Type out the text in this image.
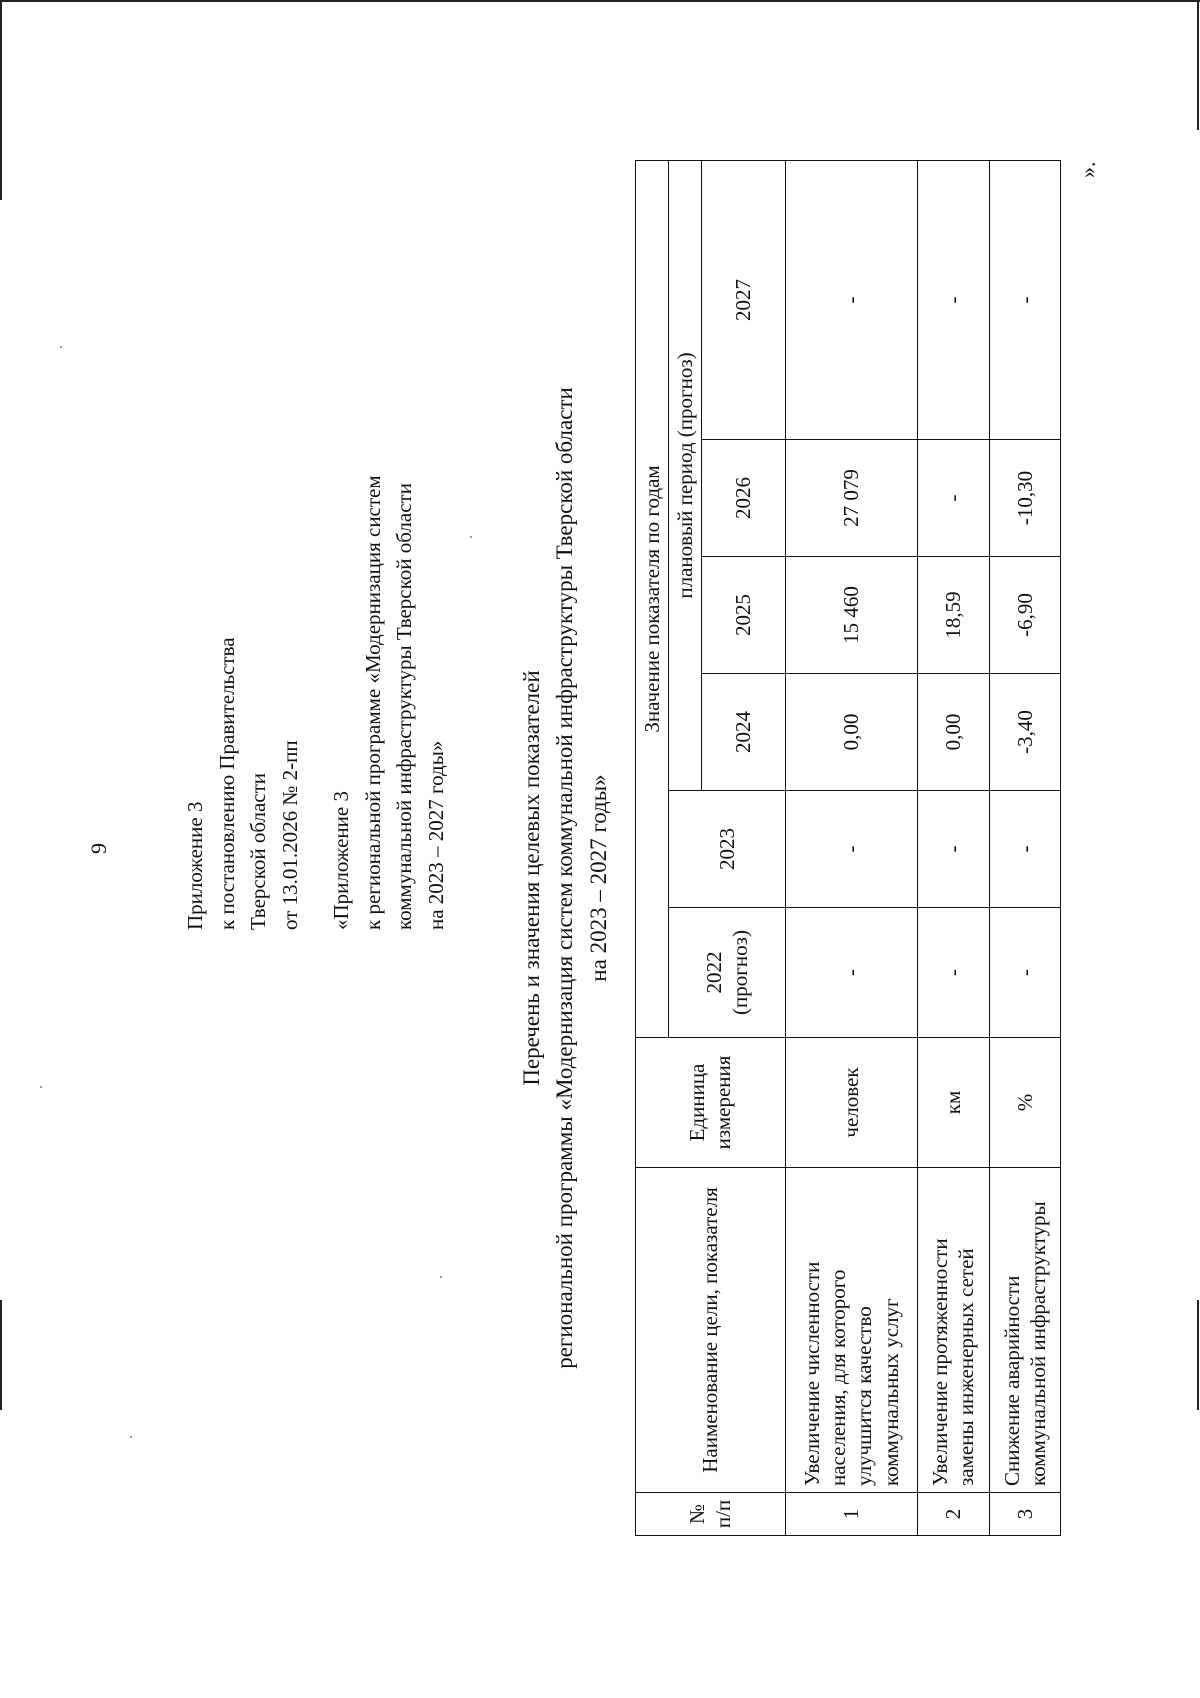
9	Приложение 3 к постановлению Правительства Тверской области от 13.01.2026 № 2-пп «Приложение 3 к региональной программе «Модернизация систем коммунальной инфраструктуры Тверской области на 2023 – 2027 годы»	Перечень и значения целевых показателей региональной программы «Модернизация систем коммунальной инфраструктуры Тверской области на 2023 – 2027 годы»

№ п/п	Наименование цели, показателя	Единица измерения	Значение показателя по годам					
			2022 (прогноз)	2023	плановый период (прогноз)			
					2024	2025	2026	2027
1	Увеличение численности населения, для которого улучшится качество коммунальных услуг	человек	-	-	0,00	15 460	27 079	-
2	Увеличение протяженности замены инженерных сетей	км	-	-	0,00	18,59	-	-
3	Снижение аварийности коммунальной инфраструктуры	%	-	-	-3,40	-6,90	-10,30	-
».
